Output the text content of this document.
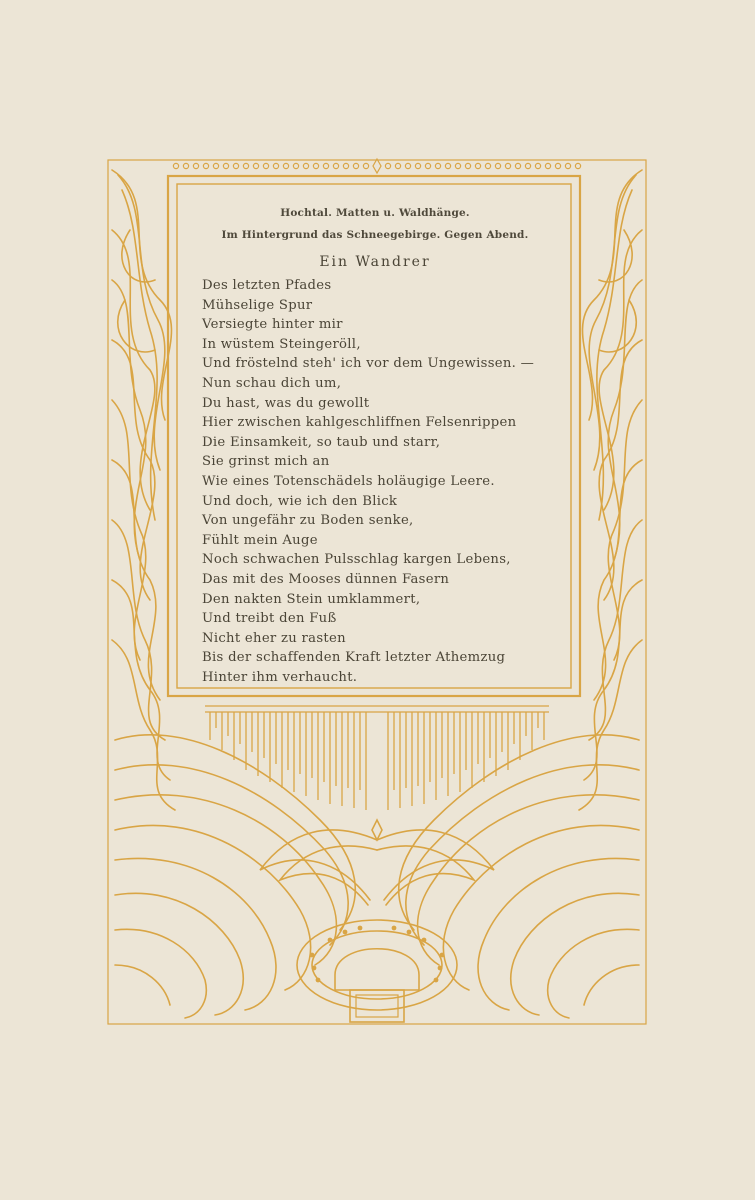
Hochtal. Matten u. Waldhänge.
Im Hintergrund das Schneegebirge. Gegen Abend.
Ein Wandrer
Des letzten Pfades
Mühselige Spur
Versiegte hinter mir
In wüstem Steingeröll,
Und fröstelnd steh' ich vor dem Ungewissen. —
Nun schau dich um,
Du hast, was du gewollt
Hier zwischen kahlgeschliffnen Felsenrippen
Die Einsamkeit, so taub und starr,
Sie grinst mich an
Wie eines Totenschädels holäugige Leere.
Und doch, wie ich den Blick
Von ungefähr zu Boden senke,
Fühlt mein Auge
Noch schwachen Pulsschlag kargen Lebens,
Das mit des Mooses dünnen Fasern
Den nakten Stein umklammert,
Und treibt den Fuß
Nicht eher zu rasten
Bis der schaffenden Kraft letzter Athemzug
Hinter ihm verhaucht.
